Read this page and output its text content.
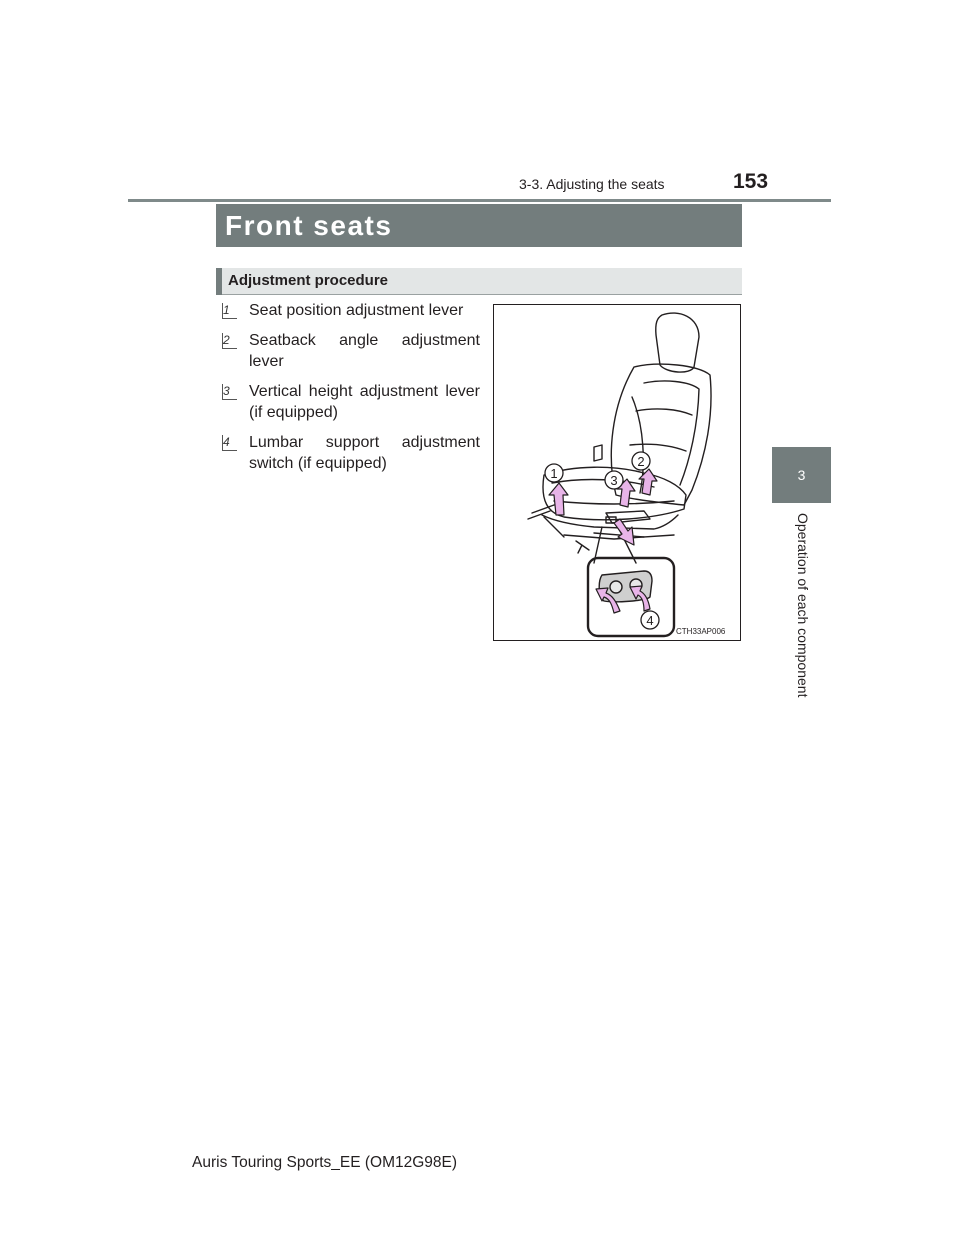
3-3. Adjusting the seats	153
3
Operation of each component
Front seats
Adjustment procedure
1	Seat position adjustment lever
2	Seatback angle adjustment lever
3	Vertical height adjustment lever (if equipped)
4	Lumbar support adjustment switch (if equipped)
1
2
3
4
CTH33AP006
Auris Touring Sports_EE (OM12G98E)
